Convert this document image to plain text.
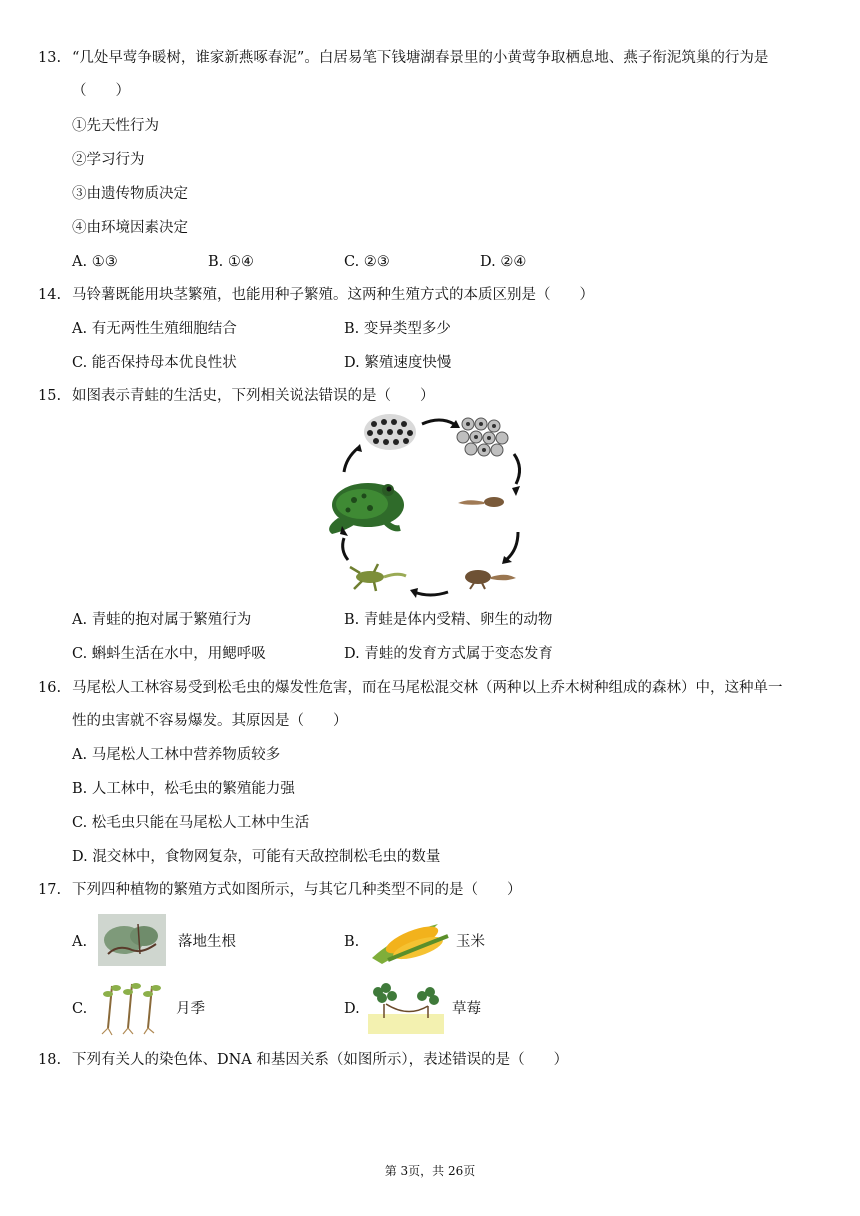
13. “几处早莺争暖树，谁家新燕啄春泥”。白居易笔下钱塘湖春景里的小黄莺争取栖息地、燕子衔泥筑巢的行为是
（　　）
①先天性行为
②学习行为
③由遗传物质决定
④由环境因素决定
A. ①③	B. ①④	C. ②③	D. ②④
14. 马铃薯既能用块茎繁殖，也能用种子繁殖。这两种生殖方式的本质区别是（　　）
A. 有无两性生殖细胞结合	B. 变异类型多少
C. 能否保持母本优良性状	D. 繁殖速度快慢
15. 如图表示青蛙的生活史，下列相关说法错误的是（　　）
A. 青蛙的抱对属于繁殖行为	B. 青蛙是体内受精、卵生的动物
C. 蝌蚪生活在水中，用鳃呼吸	D. 青蛙的发育方式属于变态发育
16. 马尾松人工林容易受到松毛虫的爆发性危害，而在马尾松混交林（两种以上乔木树种组成的森林）中，这种单一
性的虫害就不容易爆发。其原因是（　　）
A. 马尾松人工林中营养物质较多
B. 人工林中，松毛虫的繁殖能力强
C. 松毛虫只能在马尾松人工林中生活
D. 混交林中，食物网复杂，可能有天敌控制松毛虫的数量
17. 下列四种植物的繁殖方式如图所示，与其它几种类型不同的是（　　）
A.	落地生根	B.	玉米
C.	月季	D.	草莓
18. 下列有关人的染色体、DNA 和基因关系（如图所示），表述错误的是（　　）
第 3页，共 26页
